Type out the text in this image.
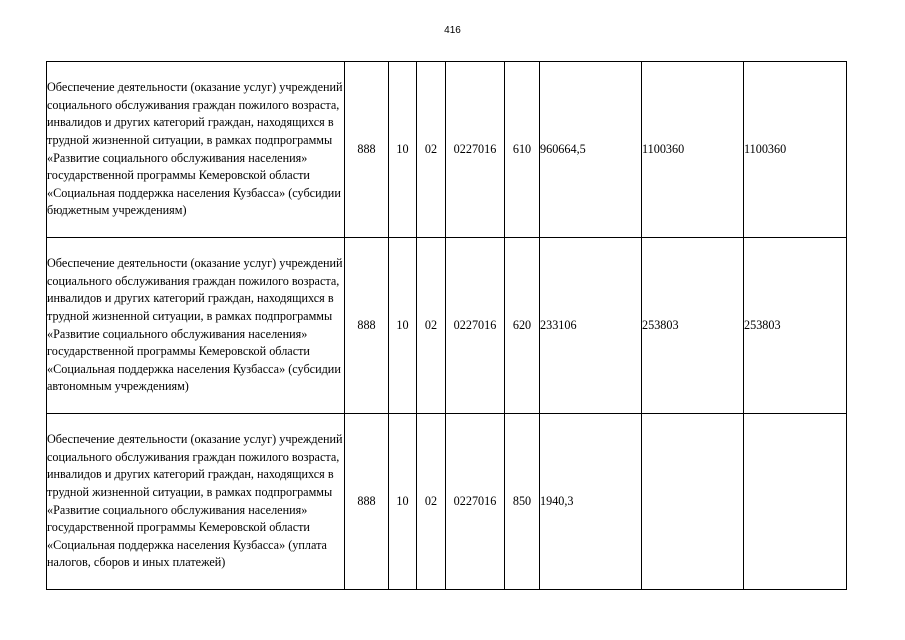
416
Обеспечение деятельности (оказание услуг) учреждений социального обслуживания граждан пожилого возраста, инвалидов и других категорий граждан, находящихся в трудной жизненной ситуации, в рамках подпрограммы «Развитие социального обслуживания населения» государственной программы Кемеровской области «Социальная поддержка населения Кузбасса» (субсидии бюджетным учреждениям)	888	10	02	0227016	610	960664,5	1100360	1100360

Обеспечение деятельности (оказание услуг) учреждений социального обслуживания граждан пожилого возраста, инвалидов и других категорий граждан, находящихся в трудной жизненной ситуации, в рамках подпрограммы «Развитие социального обслуживания населения» государственной программы Кемеровской области «Социальная поддержка населения Кузбасса» (субсидии автономным учреждениям)	888	10	02	0227016	620	233106	253803	253803

Обеспечение деятельности (оказание услуг) учреждений социального обслуживания граждан пожилого возраста, инвалидов и других категорий граждан, находящихся в трудной жизненной ситуации, в рамках подпрограммы «Развитие социального обслуживания населения» государственной программы Кемеровской области «Социальная поддержка населения Кузбасса» (уплата налогов, сборов и иных платежей)	888	10	02	0227016	850	1940,3		
